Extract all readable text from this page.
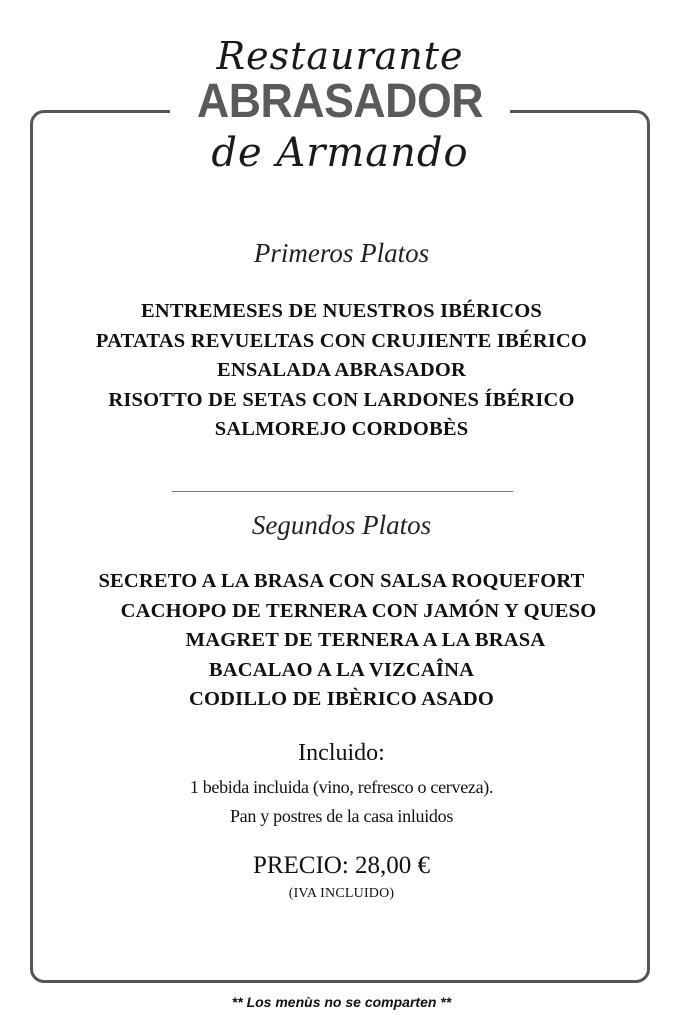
Restaurante
ABRASADOR
de Armando
Primeros Platos
ENTREMESES DE NUESTROS IBÉRICOS
PATATAS REVUELTAS CON CRUJIENTE IBÉRICO
ENSALADA ABRASADOR
RISOTTO DE SETAS CON LARDONES ÍBÉRICO
SALMOREJO CORDOBÈS
Segundos Platos
SECRETO A LA BRASA CON SALSA ROQUEFORT
CACHOPO DE TERNERA CON JAMÓN Y QUESO
MAGRET DE TERNERA A LA BRASA
BACALAO A LA VIZCAÎNA
CODILLO DE IBÈRICO ASADO
Incluido:
1 bebida incluida (vino, refresco o cerveza).
Pan y postres de la casa inluidos
PRECIO: 28,00 €
(IVA INCLUIDO)
** Los menùs no se comparten **
